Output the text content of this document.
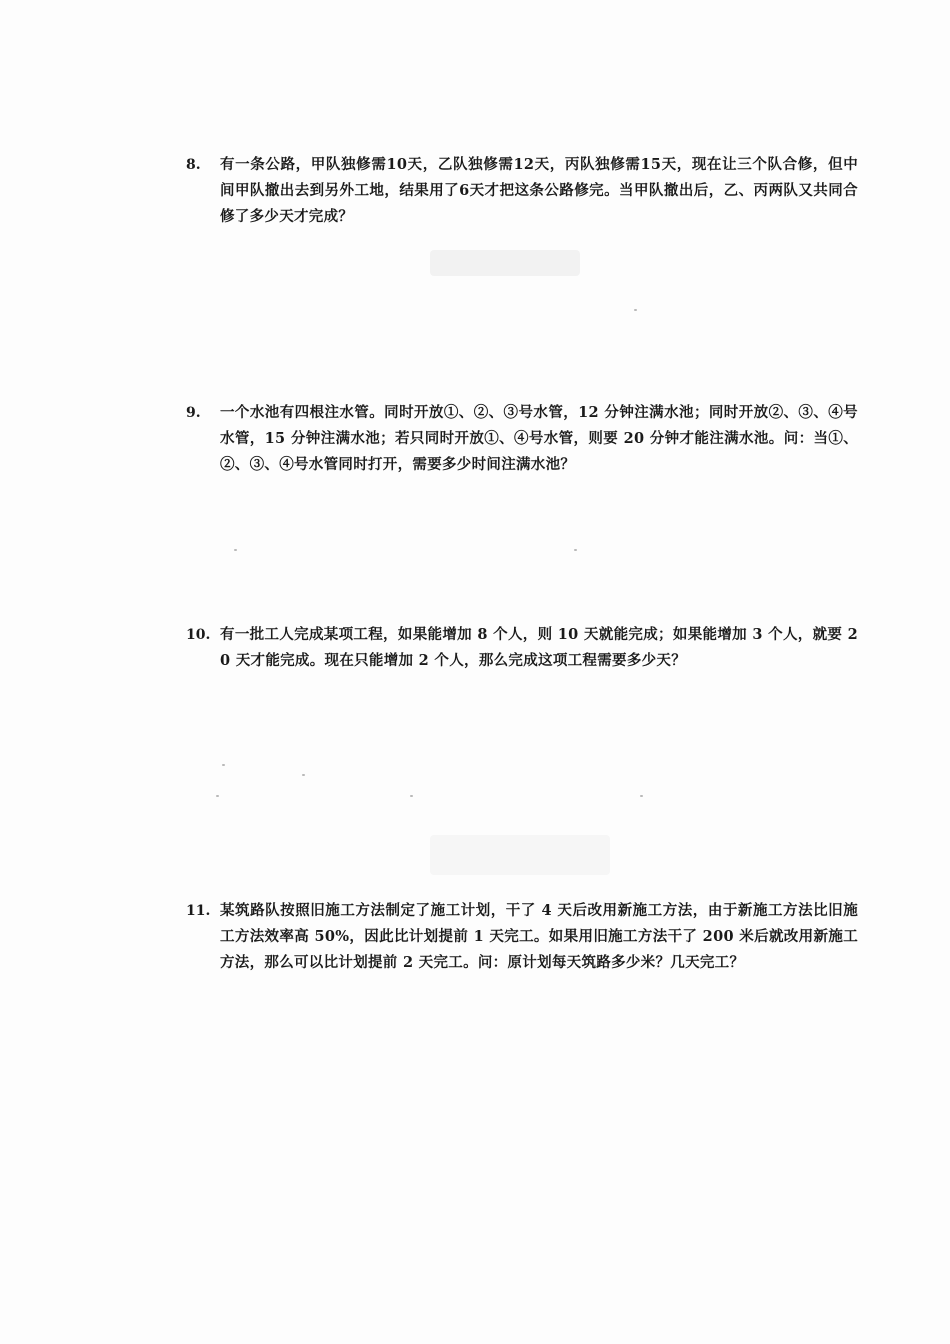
8.	有一条公路，甲队独修需10天，乙队独修需12天，丙队独修需15天，现在让三个队合修，但中间甲队撤出去到另外工地，结果用了6天才把这条公路修完。当甲队撤出后，乙、丙两队又共同合修了多少天才完成？
9.	一个水池有四根注水管。同时开放①、②、③号水管，12 分钟注满水池；同时开放②、③、④号水管，15 分钟注满水池；若只同时开放①、④号水管，则要 20 分钟才能注满水池。问：当①、②、③、④号水管同时打开，需要多少时间注满水池？
10. 有一批工人完成某项工程，如果能增加 8 个人，则 10 天就能完成；如果能增加 3 个人，就要 20 天才能完成。现在只能增加 2 个人，那么完成这项工程需要多少天？
11. 某筑路队按照旧施工方法制定了施工计划，干了 4 天后改用新施工方法，由于新施工方法比旧施工方法效率高 50%，因此比计划提前 1 天完工。如果用旧施工方法干了 200 米后就改用新施工方法，那么可以比计划提前 2 天完工。问：原计划每天筑路多少米？几天完工？
